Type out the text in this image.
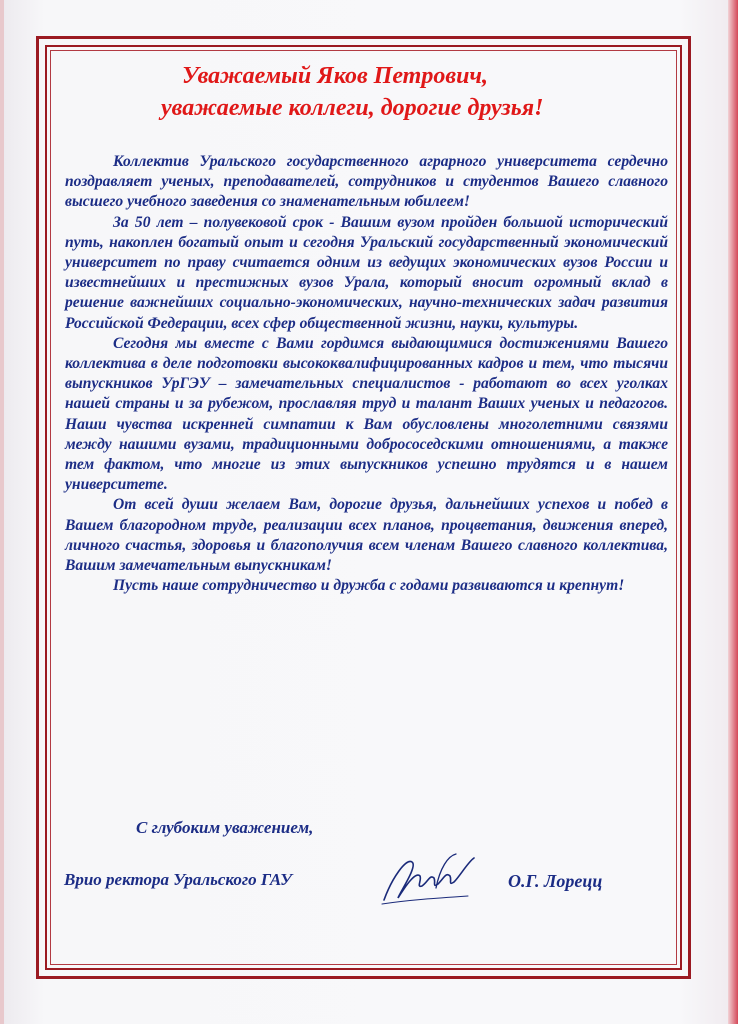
Уважаемый Яков Петрович,
уважаемые коллеги, дорогие друзья!

Коллектив Уральского государственного аграрного университета сердечно поздравляет ученых, преподавателей, сотрудников и студентов Вашего славного высшего учебного заведения со знаменательным юбилеем!

За 50 лет – полувековой срок - Вашим вузом пройден большой исторический путь, накоплен богатый опыт и сегодня Уральский государственный экономический университет по праву считается одним из ведущих экономических вузов России и известнейших и престижных вузов Урала, который вносит огромный вклад в решение важнейших социально-экономических, научно-технических задач развития Российской Федерации, всех сфер общественной жизни, науки, культуры.

Сегодня мы вместе с Вами гордимся выдающимися достижениями Вашего коллектива в деле подготовки высококвалифицированных кадров и тем, что тысячи выпускников УрГЭУ – замечательных специалистов - работают во всех уголках нашей страны и за рубежом, прославляя труд и талант Ваших ученых и педагогов. Наши чувства искренней симпатии к Вам обусловлены многолетними связями между нашими вузами, традиционными добрососедскими отношениями, а также тем фактом, что многие из этих выпускников успешно трудятся и в нашем университете.

От всей души желаем Вам, дорогие друзья, дальнейших успехов и побед в Вашем благородном труде, реализации всех планов, процветания, движения вперед, личного счастья, здоровья и благополучия всем членам Вашего славного коллектива, Вашим замечательным выпускникам!

Пусть наше сотрудничество и дружба с годами развиваются и крепнут!

С глубоким уважением,
Врио ректора Уральского ГАУ	О.Г. Лорецц
